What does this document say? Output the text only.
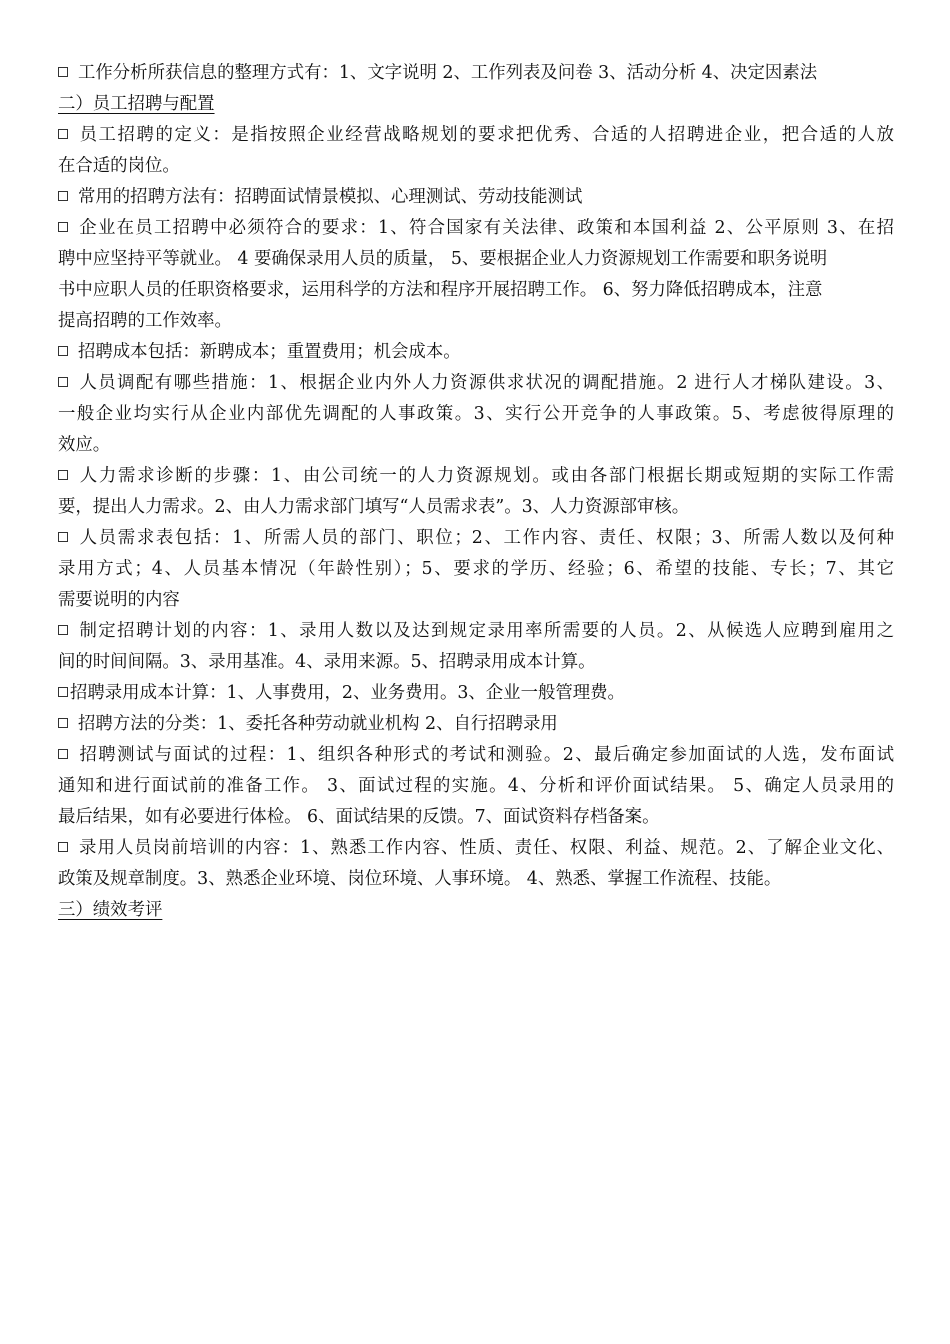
工作分析所获信息的整理方式有：1、文字说明 2、工作列表及问卷 3、活动分析 4、决定因素法
二）员工招聘与配置
员工招聘的定义：是指按照企业经营战略规划的要求把优秀、合适的人招聘进企业，把合适的人放
在合适的岗位。
常用的招聘方法有：招聘面试情景模拟、心理测试、劳动技能测试
企业在员工招聘中必须符合的要求：1、符合国家有关法律、政策和本国利益 2、公平原则 3、在招
聘中应坚持平等就业。 4 要确保录用人员的质量， 5、要根据企业人力资源规划工作需要和职务说明
书中应职人员的任职资格要求，运用科学的方法和程序开展招聘工作。 6、努力降低招聘成本，注意
提高招聘的工作效率。
招聘成本包括：新聘成本；重置费用；机会成本。
人员调配有哪些措施：1、根据企业内外人力资源供求状况的调配措施。2 进行人才梯队建设。3、
一般企业均实行从企业内部优先调配的人事政策。3、实行公开竞争的人事政策。5、考虑彼得原理的
效应。
人力需求诊断的步骤：1、由公司统一的人力资源规划。或由各部门根据长期或短期的实际工作需
要，提出人力需求。2、由人力需求部门填写“人员需求表”。3、人力资源部审核。
人员需求表包括：1、所需人员的部门、职位；2、工作内容、责任、权限；3、所需人数以及何种
录用方式；4、人员基本情况（年龄性别）；5、要求的学历、经验；6、希望的技能、专长；7、其它
需要说明的内容
制定招聘计划的内容：1、录用人数以及达到规定录用率所需要的人员。2、从候选人应聘到雇用之
间的时间间隔。3、录用基准。4、录用来源。5、招聘录用成本计算。
招聘录用成本计算：1、人事费用，2、业务费用。3、企业一般管理费。
招聘方法的分类：1、委托各种劳动就业机构 2、自行招聘录用
招聘测试与面试的过程：1、组织各种形式的考试和测验。2、最后确定参加面试的人选，发布面试
通知和进行面试前的准备工作。 3、面试过程的实施。4、分析和评价面试结果。 5、确定人员录用的
最后结果，如有必要进行体检。 6、面试结果的反馈。7、面试资料存档备案。
录用人员岗前培训的内容：1、熟悉工作内容、性质、责任、权限、利益、规范。2、了解企业文化、
政策及规章制度。3、熟悉企业环境、岗位环境、人事环境。 4、熟悉、掌握工作流程、技能。
三）绩效考评
